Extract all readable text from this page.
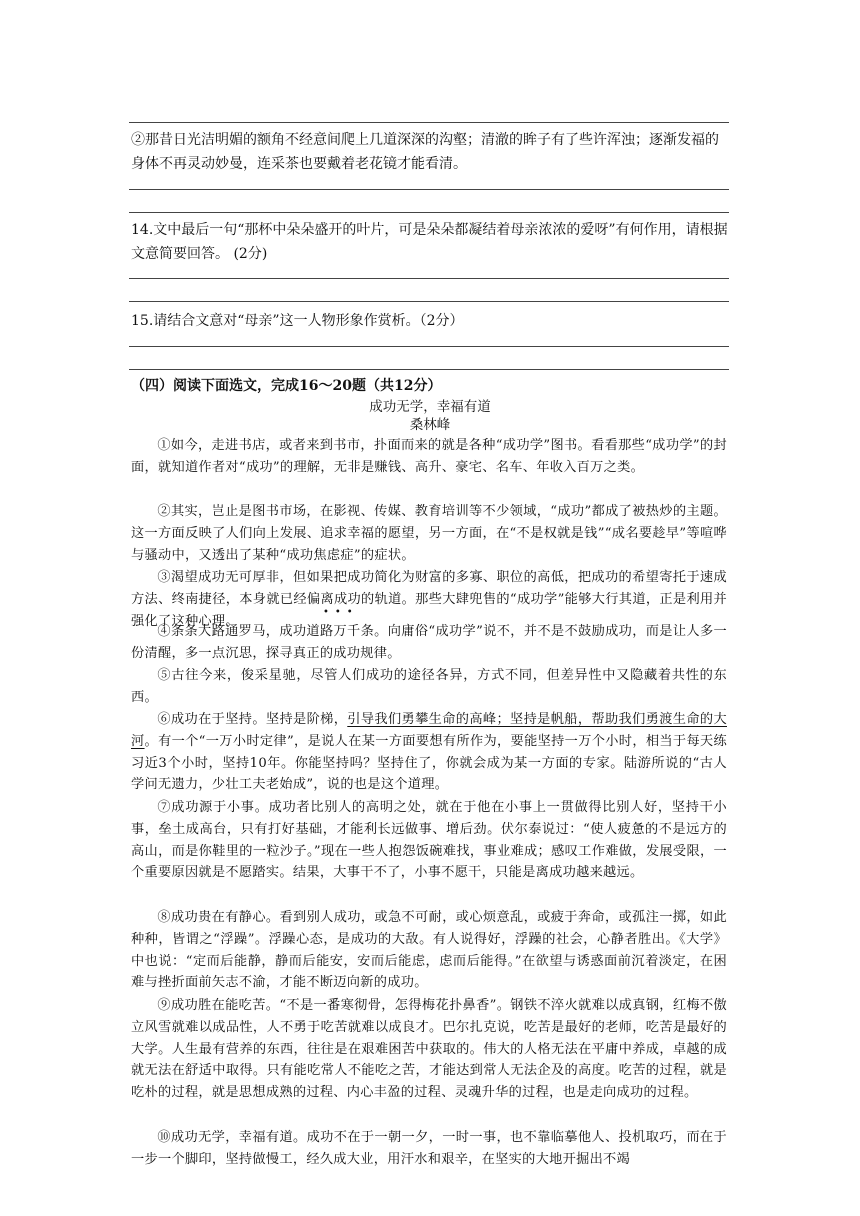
②那昔日光洁明媚的额角不经意间爬上几道深深的沟壑；清澈的眸子有了些许浑浊；逐渐发福的身体不再灵动妙曼，连采茶也要戴着老花镜才能看清。
14.文中最后一句“那杯中朵朵盛开的叶片，可是朵朵都凝结着母亲浓浓的爱呀”有何作用，请根据文意简要回答。 (2分)
15.请结合文意对“母亲”这一人物形象作赏析。（2分）
（四）阅读下面选文，完成16～20题（共12分）
成功无学，幸福有道
桑林峰
①如今，走进书店，或者来到书市，扑面而来的就是各种“成功学”图书。看看那些“成功学”的封面，就知道作者对“成功”的理解，无非是赚钱、高升、豪宅、名车、年收入百万之类。
②其实，岂止是图书市场，在影视、传媒、教育培训等不少领域，“成功”都成了被热炒的主题。这一方面反映了人们向上发展、追求幸福的愿望，另一方面，在“不是权就是钱”“成名要趁早”等喧哗与骚动中，又透出了某种“成功焦虑症”的症状。
③渴望成功无可厚非，但如果把成功简化为财富的多寡、职位的高低，把成功的希望寄托于速成方法、终南捷径，本身就已经偏离成功的轨道。那些大肆兜售的“成功学”能够大行其道，正是利用并强化了这种心理。
•••
④条条大路通罗马，成功道路万千条。向庸俗“成功学”说不，并不是不鼓励成功，而是让人多一份清醒，多一点沉思，探寻真正的成功规律。
⑤古往今来，俊采星驰，尽管人们成功的途径各异，方式不同，但差异性中又隐藏着共性的东西。
⑥成功在于坚持。坚持是阶梯，引导我们勇攀生命的高峰；坚持是帆船，帮助我们勇渡生命的大河。有一个“一万小时定律”，是说人在某一方面要想有所作为，要能坚持一万个小时，相当于每天练习近3个小时，坚持10年。你能坚持吗？坚持住了，你就会成为某一方面的专家。陆游所说的“古人学问无遗力，少壮工夫老始成”，说的也是这个道理。
⑦成功源于小事。成功者比别人的高明之处，就在于他在小事上一贯做得比别人好，坚持干小事，垒土成高台，只有打好基础，才能利长远做事、增后劲。伏尔泰说过：“使人疲惫的不是远方的高山，而是你鞋里的一粒沙子。”现在一些人抱怨饭碗难找，事业难成；感叹工作难做，发展受限，一个重要原因就是不愿踏实。结果，大事干不了，小事不愿干，只能是离成功越来越远。
⑧成功贵在有静心。看到别人成功，或急不可耐，或心烦意乱，或疲于奔命，或孤注一掷，如此种种，皆谓之“浮躁”。浮躁心态，是成功的大敌。有人说得好，浮躁的社会，心静者胜出。《大学》中也说：“定而后能静，静而后能安，安而后能虑，虑而后能得。”在欲望与诱惑面前沉着淡定，在困难与挫折面前矢志不渝，才能不断迈向新的成功。
⑨成功胜在能吃苦。“不是一番寒彻骨，怎得梅花扑鼻香”。钢铁不淬火就难以成真钢，红梅不傲立风雪就难以成品性，人不勇于吃苦就难以成良才。巴尔扎克说，吃苦是最好的老师，吃苦是最好的大学。人生最有营养的东西，往往是在艰难困苦中获取的。伟大的人格无法在平庸中养成，卓越的成就无法在舒适中取得。只有能吃常人不能吃之苦，才能达到常人无法企及的高度。吃苦的过程，就是吃朴的过程，就是思想成熟的过程、内心丰盈的过程、灵魂升华的过程，也是走向成功的过程。
⑩成功无学，幸福有道。成功不在于一朝一夕，一时一事，也不靠临摹他人、投机取巧，而在于一步一个脚印，坚持做慢工，经久成大业，用汗水和艰辛，在坚实的大地开掘出不竭
